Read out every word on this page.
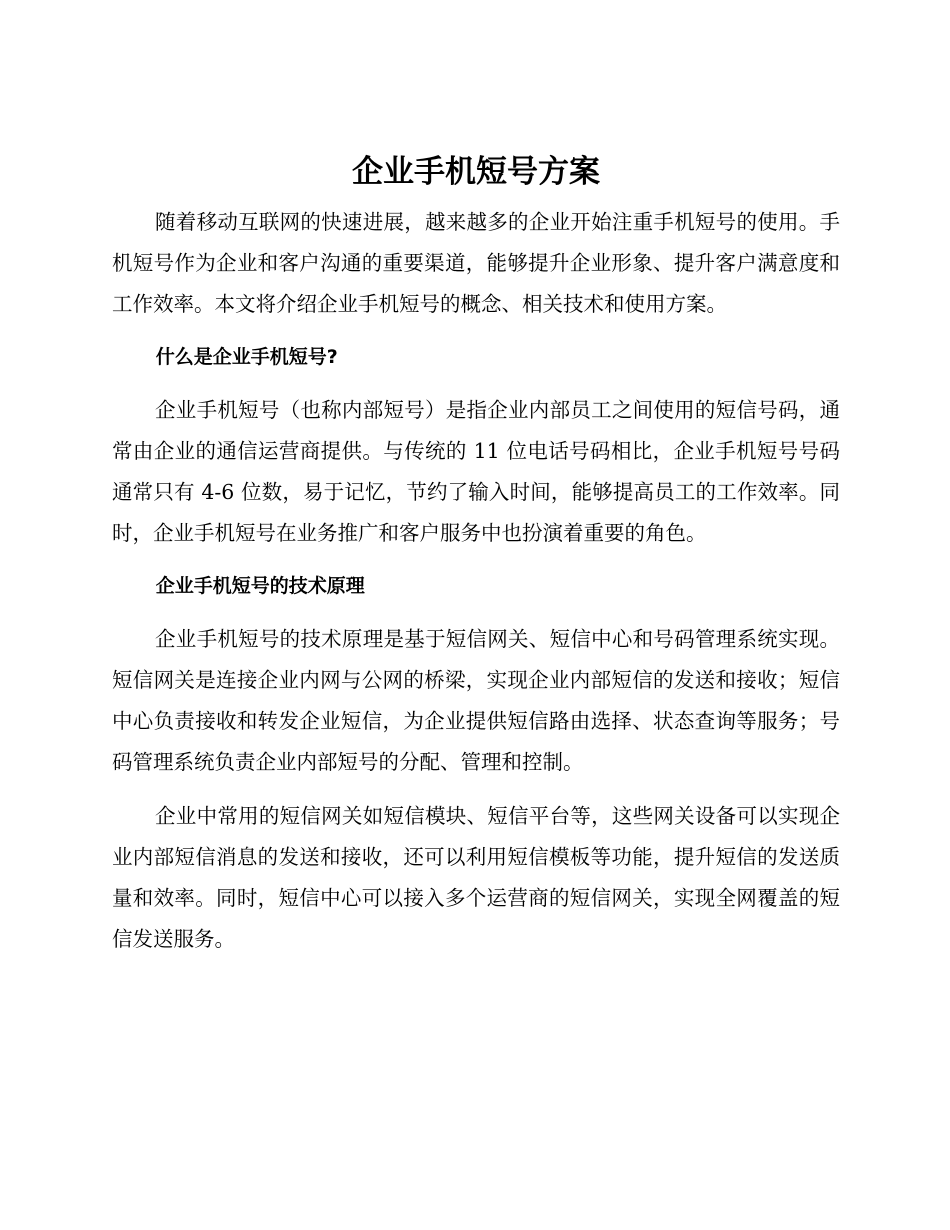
企业手机短号方案

随着移动互联网的快速进展，越来越多的企业开始注重手机短号的使用。手机短号作为企业和客户沟通的重要渠道，能够提升企业形象、提升客户满意度和工作效率。本文将介绍企业手机短号的概念、相关技术和使用方案。

什么是企业手机短号?

企业手机短号（也称内部短号）是指企业内部员工之间使用的短信号码，通常由企业的通信运营商提供。与传统的 11 位电话号码相比，企业手机短号号码通常只有 4-6 位数，易于记忆，节约了输入时间，能够提高员工的工作效率。同时，企业手机短号在业务推广和客户服务中也扮演着重要的角色。

企业手机短号的技术原理

企业手机短号的技术原理是基于短信网关、短信中心和号码管理系统实现。短信网关是连接企业内网与公网的桥梁，实现企业内部短信的发送和接收；短信中心负责接收和转发企业短信，为企业提供短信路由选择、状态查询等服务；号码管理系统负责企业内部短号的分配、管理和控制。

企业中常用的短信网关如短信模块、短信平台等，这些网关设备可以实现企业内部短信消息的发送和接收，还可以利用短信模板等功能，提升短信的发送质量和效率。同时，短信中心可以接入多个运营商的短信网关，实现全网覆盖的短信发送服务。
